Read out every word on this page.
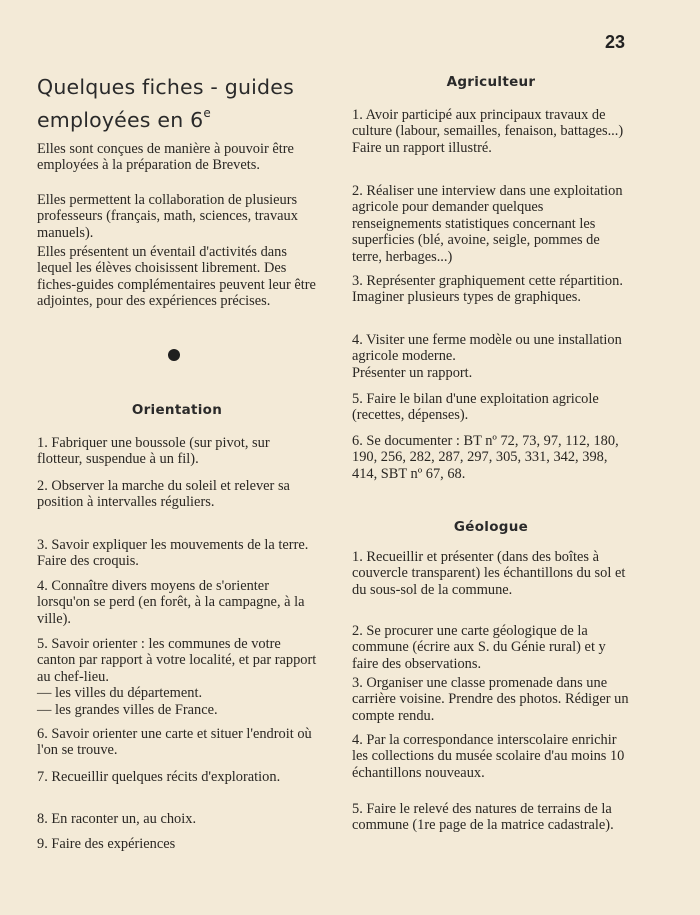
23
Quelques fiches - guides
employées en 6e
Elles sont conçues de manière à pouvoir être employées à la préparation de Brevets.
Elles permettent la collaboration de plusieurs professeurs (français, math, sciences, travaux manuels).
Elles présentent un éventail d'activités dans lequel les élèves choisissent librement. Des fiches-guides complémentaires peuvent leur être adjointes, pour des expériences précises.
Orientation
1. Fabriquer une boussole (sur pivot, sur flotteur, suspendue à un fil).
2. Observer la marche du soleil et relever sa position à intervalles réguliers.
3. Savoir expliquer les mouvements de la terre. Faire des croquis.
4. Connaître divers moyens de s'orienter lorsqu'on se perd (en forêt, à la campagne, à la ville).
5. Savoir orienter : les communes de votre canton par rapport à votre localité, et par rapport au chef-lieu.
— les villes du département.
— les grandes villes de France.
6. Savoir orienter une carte et situer l'endroit où l'on se trouve.
7. Recueillir quelques récits d'exploration.
8. En raconter un, au choix.
9. Faire des expériences
Agriculteur
1. Avoir participé aux principaux travaux de culture (labour, semailles, fenaison, battages...)
Faire un rapport illustré.
2. Réaliser une interview dans une exploitation agricole pour demander quelques renseignements statistiques concernant les superficies (blé, avoine, seigle, pommes de terre, herbages...)
3. Représenter graphiquement cette répartition. Imaginer plusieurs types de graphiques.
4. Visiter une ferme modèle ou une installation agricole moderne.
Présenter un rapport.
5. Faire le bilan d'une exploitation agricole (recettes, dépenses).
6. Se documenter : BT nº 72, 73, 97, 112, 180, 190, 256, 282, 287, 297, 305, 331, 342, 398, 414, SBT nº 67, 68.
Géologue
1. Recueillir et présenter (dans des boîtes à couvercle transparent) les échantillons du sol et du sous-sol de la commune.
2. Se procurer une carte géologique de la commune (écrire aux S. du Génie rural) et y faire des observations.
3. Organiser une classe promenade dans une carrière voisine. Prendre des photos. Rédiger un compte rendu.
4. Par la correspondance interscolaire enrichir les collections du musée scolaire d'au moins 10 échantillons nouveaux.
5. Faire le relevé des natures de terrains de la commune (1re page de la matrice cadastrale).
